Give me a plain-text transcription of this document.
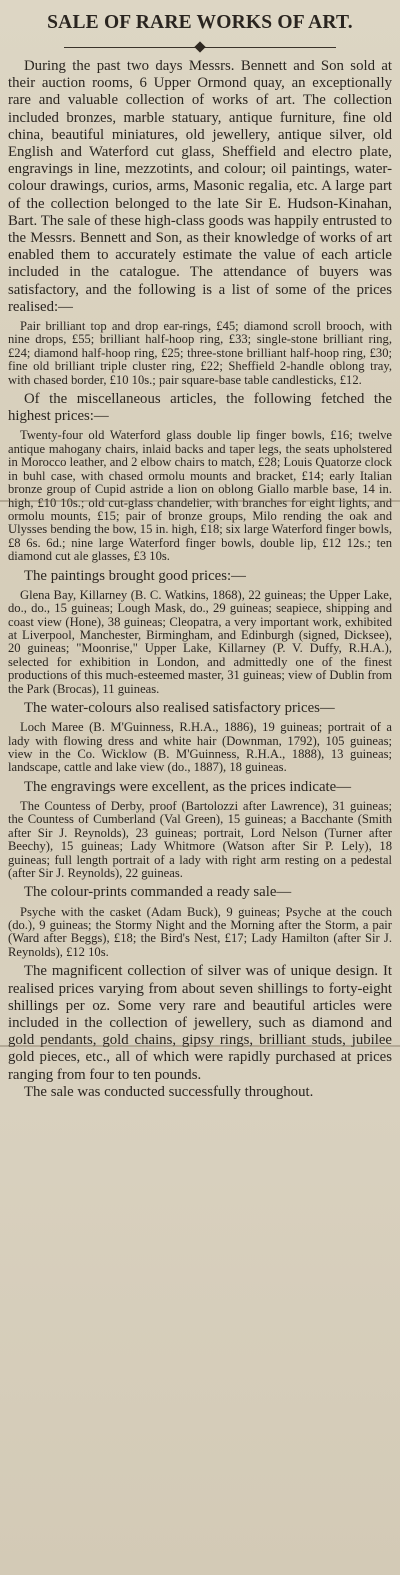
SALE OF RARE WORKS OF ART.

During the past two days Messrs. Bennett and Son sold at their auction rooms, 6 Upper Ormond quay, an exceptionally rare and valuable collection of works of art. The collection included bronzes, marble statuary, antique furniture, fine old china, beautiful miniatures, old jewellery, antique silver, old English and Waterford cut glass, Sheffield and electro plate, engravings in line, mezzotints, and colour; oil paintings, water-colour drawings, curios, arms, Masonic regalia, etc. A large part of the collection belonged to the late Sir E. Hudson-Kinahan, Bart. The sale of these high-class goods was happily entrusted to the Messrs. Bennett and Son, as their knowledge of works of art enabled them to accurately estimate the value of each article included in the catalogue. The attendance of buyers was satisfactory, and the following is a list of some of the prices realised:—

Pair brilliant top and drop ear-rings, £45; diamond scroll brooch, with nine drops, £55; brilliant half-hoop ring, £33; single-stone brilliant ring, £24; diamond half-hoop ring, £25; three-stone brilliant half-hoop ring, £30; fine old brilliant triple cluster ring, £22; Sheffield 2-handle oblong tray, with chased border, £10 10s.; pair square-base table candlesticks, £12.

Of the miscellaneous articles, the following fetched the highest prices:—

Twenty-four old Waterford glass double lip finger bowls, £16; twelve antique mahogany chairs, inlaid backs and taper legs, the seats upholstered in Morocco leather, and 2 elbow chairs to match, £28; Louis Quatorze clock in buhl case, with chased ormolu mounts and bracket, £14; early Italian bronze group of Cupid astride a lion on oblong Giallo marble base, 14 in. high, £10 10s.; old cut-glass chandelier, with branches for eight lights, and ormolu mounts, £15; pair of bronze groups, Milo rending the oak and Ulysses bending the bow, 15 in. high, £18; six large Waterford finger bowls, £8 6s. 6d.; nine large Waterford finger bowls, double lip, £12 12s.; ten diamond cut ale glasses, £3 10s.

The paintings brought good prices:—

Glena Bay, Killarney (B. C. Watkins, 1868), 22 guineas; the Upper Lake, do., do., 15 guineas; Lough Mask, do., 29 guineas; seapiece, shipping and coast view (Hone), 38 guineas; Cleopatra, a very important work, exhibited at Liverpool, Manchester, Birmingham, and Edinburgh (signed, Dicksee), 20 guineas; "Moonrise," Upper Lake, Killarney (P. V. Duffy, R.H.A.), selected for exhibition in London, and admittedly one of the finest productions of this much-esteemed master, 31 guineas; view of Dublin from the Park (Brocas), 11 guineas.

The water-colours also realised satisfactory prices—

Loch Maree (B. M'Guinness, R.H.A., 1886), 19 guineas; portrait of a lady with flowing dress and white hair (Downman, 1792), 105 guineas; view in the Co. Wicklow (B. M'Guinness, R.H.A., 1888), 13 guineas; landscape, cattle and lake view (do., 1887), 18 guineas.

The engravings were excellent, as the prices indicate—

The Countess of Derby, proof (Bartolozzi after Lawrence), 31 guineas; the Countess of Cumberland (Val Green), 15 guineas; a Bacchante (Smith after Sir J. Reynolds), 23 guineas; portrait, Lord Nelson (Turner after Beechy), 15 guineas; Lady Whitmore (Watson after Sir P. Lely), 18 guineas; full length portrait of a lady with right arm resting on a pedestal (after Sir J. Reynolds), 22 guineas.

The colour-prints commanded a ready sale—

Psyche with the casket (Adam Buck), 9 guineas; Psyche at the couch (do.), 9 guineas; the Stormy Night and the Morning after the Storm, a pair (Ward after Beggs), £18; the Bird's Nest, £17; Lady Hamilton (after Sir J. Reynolds), £12 10s.

The magnificent collection of silver was of unique design. It realised prices varying from about seven shillings to forty-eight shillings per oz. Some very rare and beautiful articles were included in the collection of jewellery, such as diamond and gold pendants, gold chains, gipsy rings, brilliant studs, jubilee gold pieces, etc., all of which were rapidly purchased at prices ranging from four to ten pounds.

The sale was conducted successfully throughout.
